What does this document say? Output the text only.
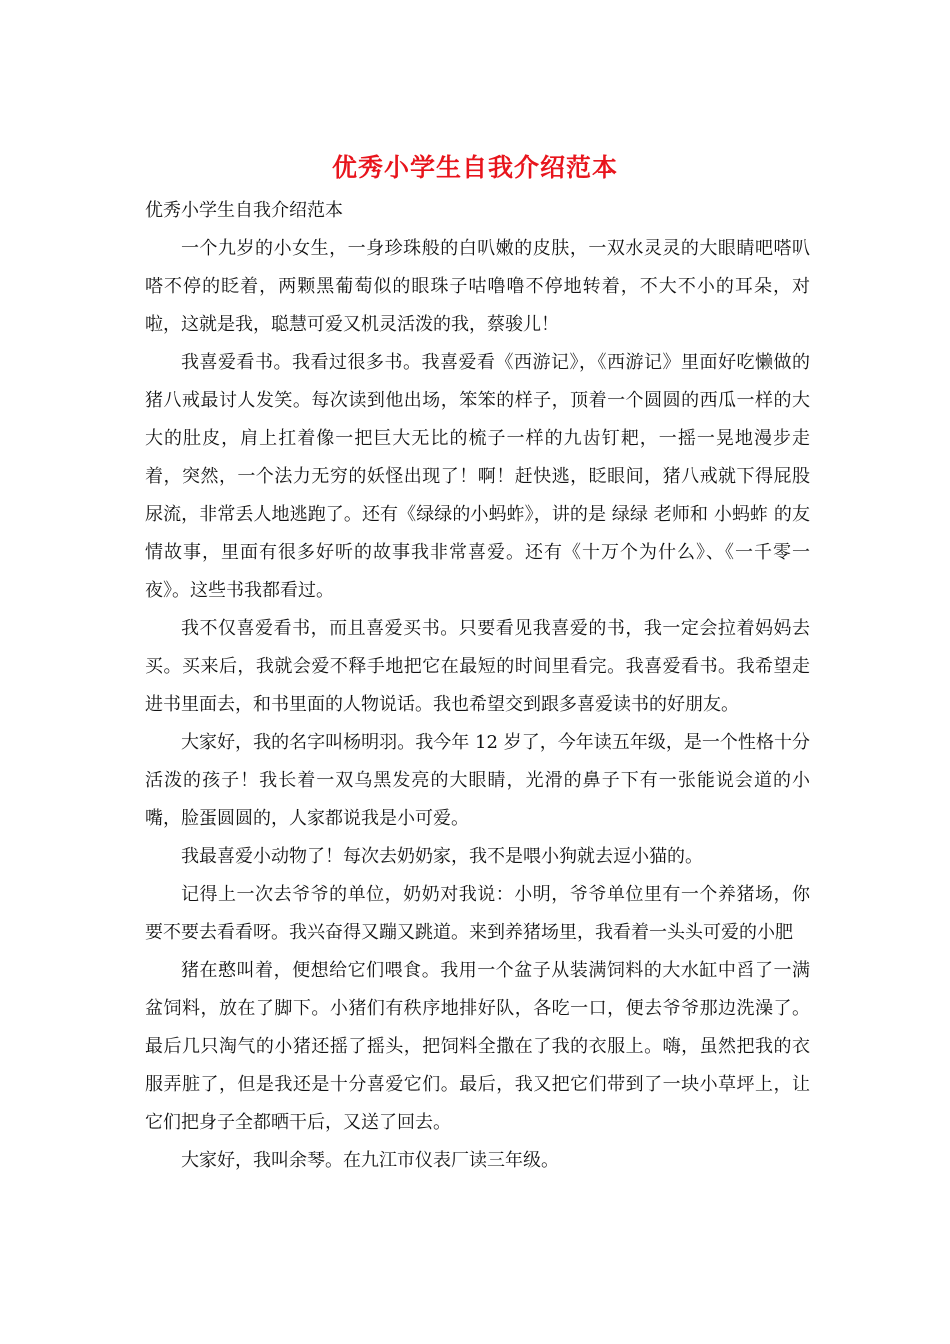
优秀小学生自我介绍范本
优秀小学生自我介绍范本

一个九岁的小女生，一身珍珠般的白叭嫩的皮肤，一双水灵灵的大眼睛吧嗒叭嗒不停的眨着，两颗黑葡萄似的眼珠子咕噜噜不停地转着，不大不小的耳朵，对啦，这就是我，聪慧可爱又机灵活泼的我，蔡骏儿！

我喜爱看书。我看过很多书。我喜爱看《西游记》，《西游记》里面好吃懒做的猪八戒最讨人发笑。每次读到他出场，笨笨的样子，顶着一个圆圆的西瓜一样的大大的肚皮，肩上扛着像一把巨大无比的梳子一样的九齿钉耙，一摇一晃地漫步走着，突然，一个法力无穷的妖怪出现了！啊！赶快逃，眨眼间，猪八戒就下得屁股尿流，非常丢人地逃跑了。还有《绿绿的小蚂蚱》，讲的是 绿绿 老师和 小蚂蚱 的友情故事，里面有很多好听的故事我非常喜爱。还有《十万个为什么》、《一千零一夜》。这些书我都看过。

我不仅喜爱看书，而且喜爱买书。只要看见我喜爱的书，我一定会拉着妈妈去买。买来后，我就会爱不释手地把它在最短的时间里看完。我喜爱看书。我希望走进书里面去，和书里面的人物说话。我也希望交到跟多喜爱读书的好朋友。

大家好，我的名字叫杨明羽。我今年 12 岁了，今年读五年级，是一个性格十分活泼的孩子！我长着一双乌黑发亮的大眼睛，光滑的鼻子下有一张能说会道的小嘴，脸蛋圆圆的，人家都说我是小可爱。

我最喜爱小动物了！每次去奶奶家，我不是喂小狗就去逗小猫的。

记得上一次去爷爷的单位，奶奶对我说：小明，爷爷单位里有一个养猪场，你要不要去看看呀。我兴奋得又蹦又跳道。来到养猪场里，我看着一头头可爱的小肥

猪在憨叫着，便想给它们喂食。我用一个盆子从装满饲料的大水缸中舀了一满盆饲料，放在了脚下。小猪们有秩序地排好队，各吃一口，便去爷爷那边洗澡了。最后几只淘气的小猪还摇了摇头，把饲料全撒在了我的衣服上。嗨，虽然把我的衣服弄脏了，但是我还是十分喜爱它们。最后，我又把它们带到了一块小草坪上，让它们把身子全都晒干后，又送了回去。

大家好，我叫余琴。在九江市仪表厂读三年级。
